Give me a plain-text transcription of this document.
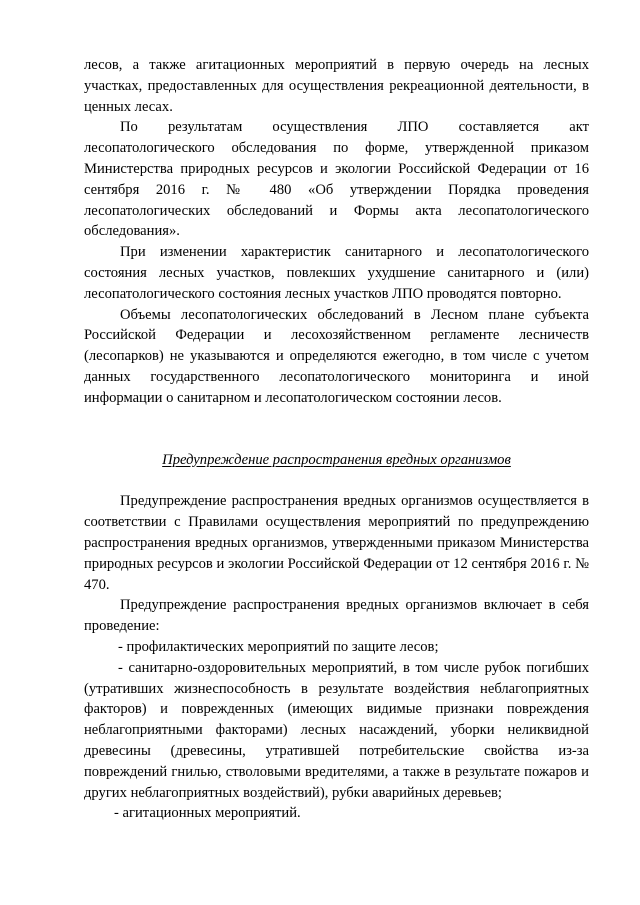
лесов, а также агитационных мероприятий в первую очередь на лесных участках, предоставленных для осуществления рекреационной деятельности, в ценных лесах.

По результатам осуществления ЛПО составляется акт лесопатологического обследования по форме, утвержденной приказом Министерства природных ресурсов и экологии Российской Федерации от 16 сентября 2016 г. № 480 «Об утверждении Порядка проведения лесопатологических обследований и Формы акта лесопатологического обследования».

При изменении характеристик санитарного и лесопатологического состояния лесных участков, повлекших ухудшение санитарного и (или) лесопатологического состояния лесных участков ЛПО проводятся повторно.

Объемы лесопатологических обследований в Лесном плане субъекта Российской Федерации и лесохозяйственном регламенте лесничеств (лесопарков) не указываются и определяются ежегодно, в том числе с учетом данных государственного лесопатологического мониторинга и иной информации о санитарном и лесопатологическом состоянии лесов.

Предупреждение распространения вредных организмов

Предупреждение распространения вредных организмов осуществляется в соответствии с Правилами осуществления мероприятий по предупреждению распространения вредных организмов, утвержденными приказом Министерства природных ресурсов и экологии Российской Федерации от 12 сентября 2016 г. № 470.

Предупреждение распространения вредных организмов включает в себя проведение:

- профилактических мероприятий по защите лесов;

- санитарно-оздоровительных мероприятий, в том числе рубок погибших (утративших жизнеспособность в результате воздействия неблагоприятных факторов) и поврежденных (имеющих видимые признаки повреждения неблагоприятными факторами) лесных насаждений, уборки неликвидной древесины (древесины, утратившей потребительские свойства из-за повреждений гнилью, стволовыми вредителями, а также в результате пожаров и других неблагоприятных воздействий), рубки аварийных деревьев;

- агитационных мероприятий.
